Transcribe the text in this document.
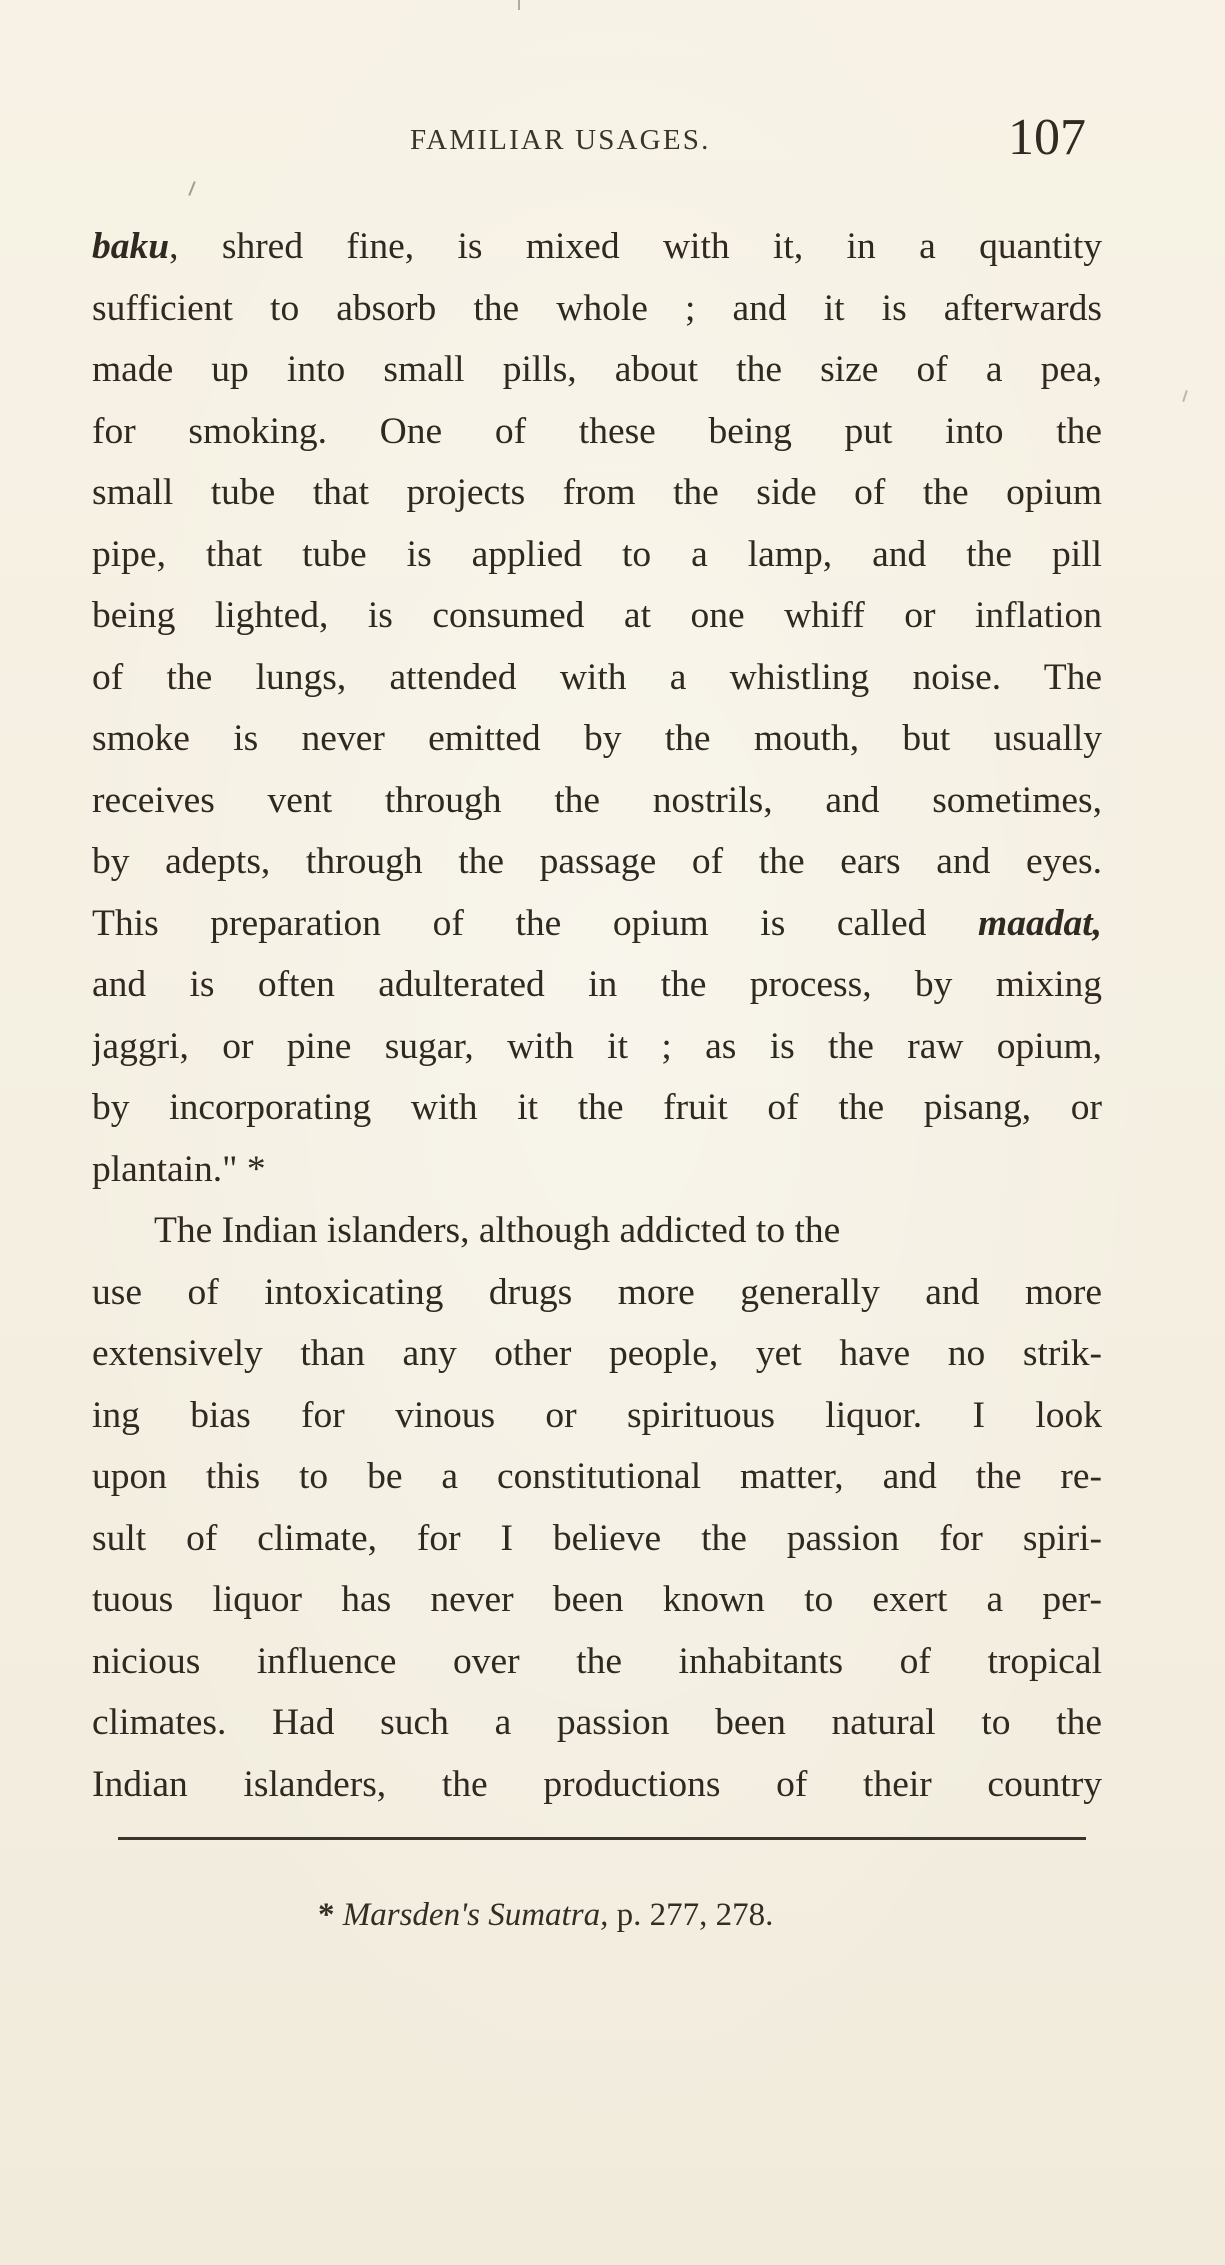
FAMILIAR USAGES.	107
baku, shred fine, is mixed with it, in a quantity
sufficient to absorb the whole ; and it is afterwards
made up into small pills, about the size of a pea,
for smoking. One of these being put into the
small tube that projects from the side of the opium
pipe, that tube is applied to a lamp, and the pill
being lighted, is consumed at one whiff or inflation
of the lungs, attended with a whistling noise. The
smoke is never emitted by the mouth, but usually
receives vent through the nostrils, and sometimes,
by adepts, through the passage of the ears and eyes.
This preparation of the opium is called maadat,
and is often adulterated in the process, by mixing
jaggri, or pine sugar, with it ; as is the raw opium,
by incorporating with it the fruit of the pisang, or
plantain." *
The Indian islanders, although addicted to the
use of intoxicating drugs more generally and more
extensively than any other people, yet have no strik-
ing bias for vinous or spirituous liquor. I look
upon this to be a constitutional matter, and the re-
sult of climate, for I believe the passion for spiri-
tuous liquor has never been known to exert a per-
nicious influence over the inhabitants of tropical
climates. Had such a passion been natural to the
Indian islanders, the productions of their country
* Marsden's Sumatra, p. 277, 278.
